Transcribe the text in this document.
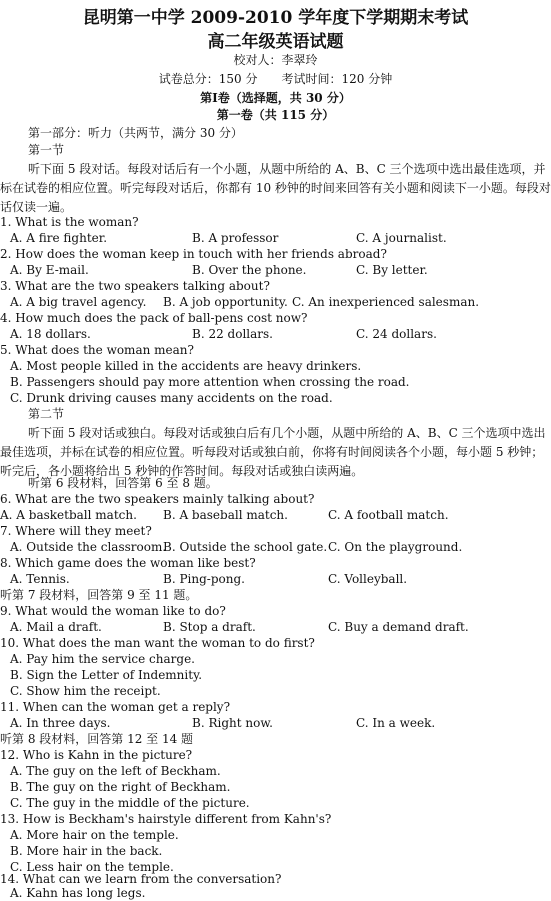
昆明第一中学 2009-2010 学年度下学期期末考试
高二年级英语试题
校对人：李翠玲
试卷总分：150 分　　考试时间：120 分钟
第Ⅰ卷（选择题，共 30 分）
第一卷（共 115 分）
第一部分：听力（共两节，满分 30 分）
第一节
听下面 5 段对话。每段对话后有一个小题，从题中所给的 A、B、C 三个选项中选出最佳选项，并标在试卷的相应位置。听完每段对话后，你都有 10 秒钟的时间来回答有关小题和阅读下一小题。每段对话仅读一遍。
1. What is the woman?
A. A fire fighter.	B. A professor	C. A journalist.
2. How does the woman keep in touch with her friends abroad?
A. By E-mail.	B. Over the phone.	C. By letter.
3. What are the two speakers talking about?
A. A big travel agency. B. A job opportunity. C. An inexperienced salesman.
4. How much does the pack of ball-pens cost now?
A. 18 dollars.	B. 22 dollars.	C. 24 dollars.
5. What does the woman mean?
A. Most people killed in the accidents are heavy drinkers.
B. Passengers should pay more attention when crossing the road.
C. Drunk driving causes many accidents on the road.
第二节
听下面 5 段对话或独白。每段对话或独白后有几个小题，从题中所给的 A、B、C 三个选项中选出最佳选项，并标在试卷的相应位置。听每段对话或独白前，你将有时间阅读各个小题，每小题 5 秒钟；听完后，各小题将给出 5 秒钟的作答时间。每段对话或独白读两遍。
听第 6 段材料，回答第 6 至 8 题。
6. What are the two speakers mainly talking about?
A. A basketball match. B. A baseball match.	C. A football match.
7. Where will they meet?
A. Outside the classroom.
B. Outside the school gate. C. On the playground.
8. Which game does the woman like best?
A. Tennis.	B. Ping-pong.	C. Volleyball.
听第 7 段材料，回答第 9 至 11 题。
9. What would the woman like to do?
A. Mail a draft.	B. Stop a draft.	C. Buy a demand draft.
10. What does the man want the woman to do first?
A. Pay him the service charge.
B. Sign the Letter of Indemnity.
C. Show him the receipt.
11. When can the woman get a reply?
A. In three days.	B. Right now.	C. In a week.
听第 8 段材料，回答第 12 至 14 题
12. Who is Kahn in the picture?
A. The guy on the left of Beckham.
B. The guy on the right of Beckham.
C. The guy in the middle of the picture.
13. How is Beckham's hairstyle different from Kahn's?
A. More hair on the temple.
B. More hair in the back.
C. Less hair on the temple.
14. What can we learn from the conversation?
A. Kahn has long legs.
